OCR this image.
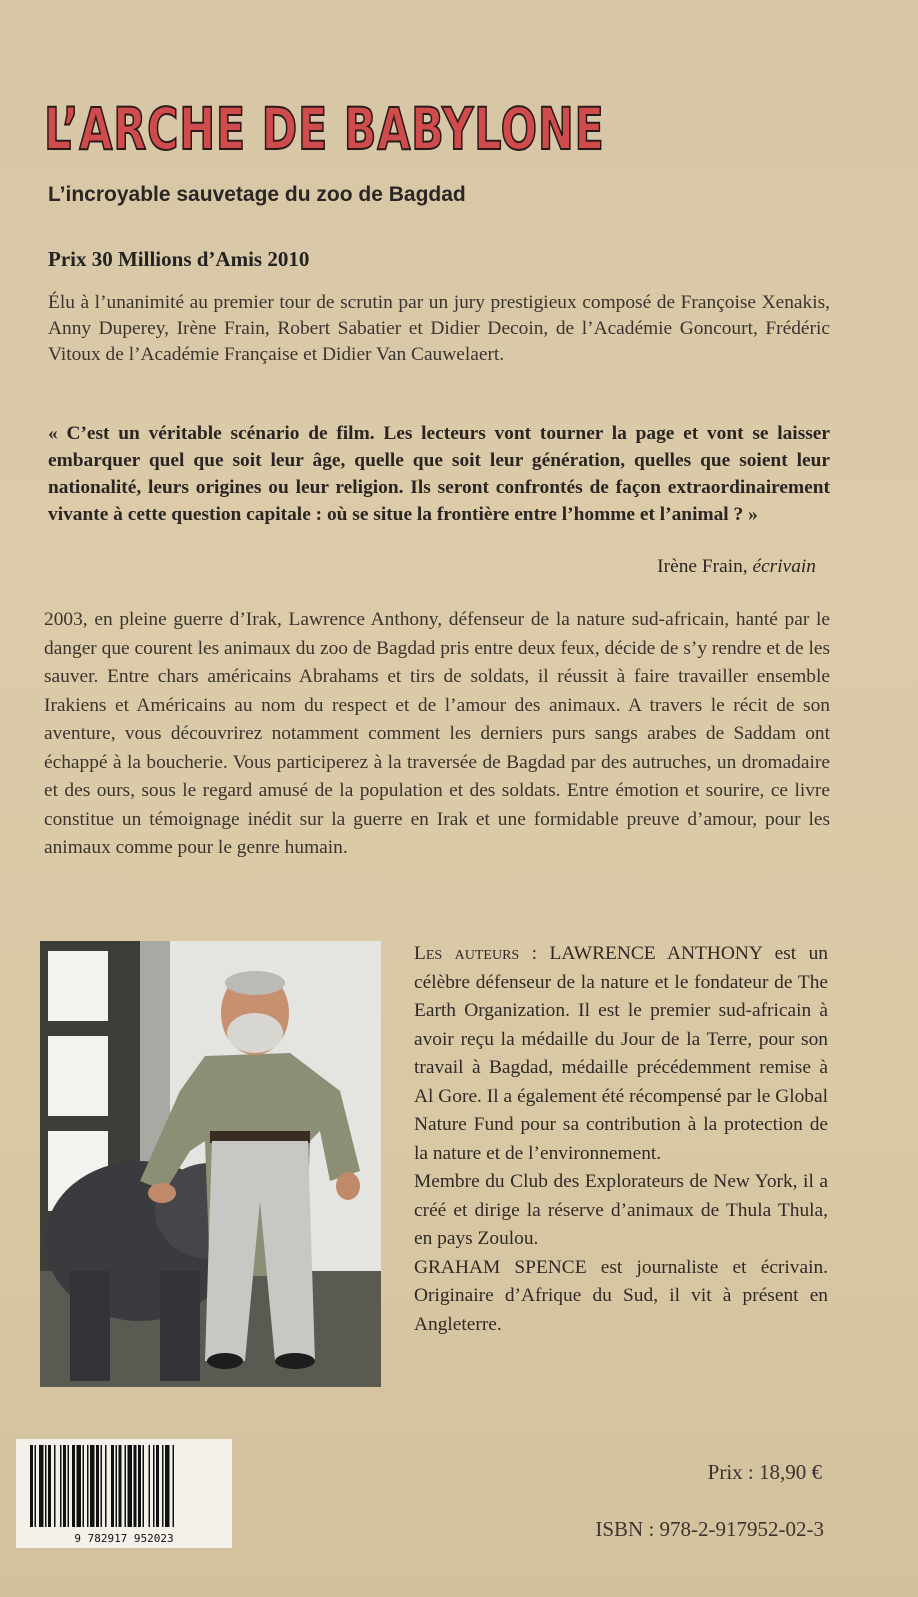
L’ARCHE DE BABYLONE
L’incroyable sauvetage du zoo de Bagdad
Prix 30 Millions d’Amis 2010
Élu à l’unanimité au premier tour de scrutin par un jury prestigieux composé de Françoise Xenakis, Anny Duperey, Irène Frain, Robert Sabatier et Didier Decoin, de l’Académie Goncourt, Frédéric Vitoux de l’Académie Française et Didier Van Cauwelaert.
« C’est un véritable scénario de film. Les lecteurs vont tourner la page et vont se laisser embarquer quel que soit leur âge, quelle que soit leur génération, quelles que soient leur nationalité, leurs origines ou leur religion. Ils seront confrontés de façon extraordinairement vivante à cette question capitale : où se situe la frontière entre l’homme et l’animal ? »
Irène Frain, écrivain
2003, en pleine guerre d’Irak, Lawrence Anthony, défenseur de la nature sud-africain, hanté par le danger que courent les animaux du zoo de Bagdad pris entre deux feux, décide de s’y rendre et de les sauver. Entre chars américains Abrahams et tirs de soldats, il réussit à faire travailler ensemble Irakiens et Américains au nom du respect et de l’amour des animaux. A travers le récit de son aventure, vous découvrirez notamment comment les derniers purs sangs arabes de Saddam ont échappé à la boucherie. Vous participerez à la traversée de Bagdad par des autruches, un dromadaire et des ours, sous le regard amusé de la population et des soldats. Entre émotion et sourire, ce livre constitue un témoignage inédit sur la guerre en Irak et une formidable preuve d’amour, pour les animaux comme pour le genre humain.
Les auteurs : LAWRENCE ANTHONY est un célèbre défenseur de la nature et le fondateur de The Earth Organization. Il est le premier sud-africain à avoir reçu la médaille du Jour de la Terre, pour son travail à Bagdad, médaille précédemment remise à Al Gore. Il a également été récompensé par le Global Nature Fund pour sa contribution à la protection de la nature et de l’environnement.
Membre du Club des Explorateurs de New York, il a créé et dirige la réserve d’animaux de Thula Thula, en pays Zoulou.
GRAHAM SPENCE est journaliste et écrivain. Originaire d’Afrique du Sud, il vit à présent en Angleterre.
9 782917 952023
Prix : 18,90 €
ISBN : 978-2-917952-02-3
